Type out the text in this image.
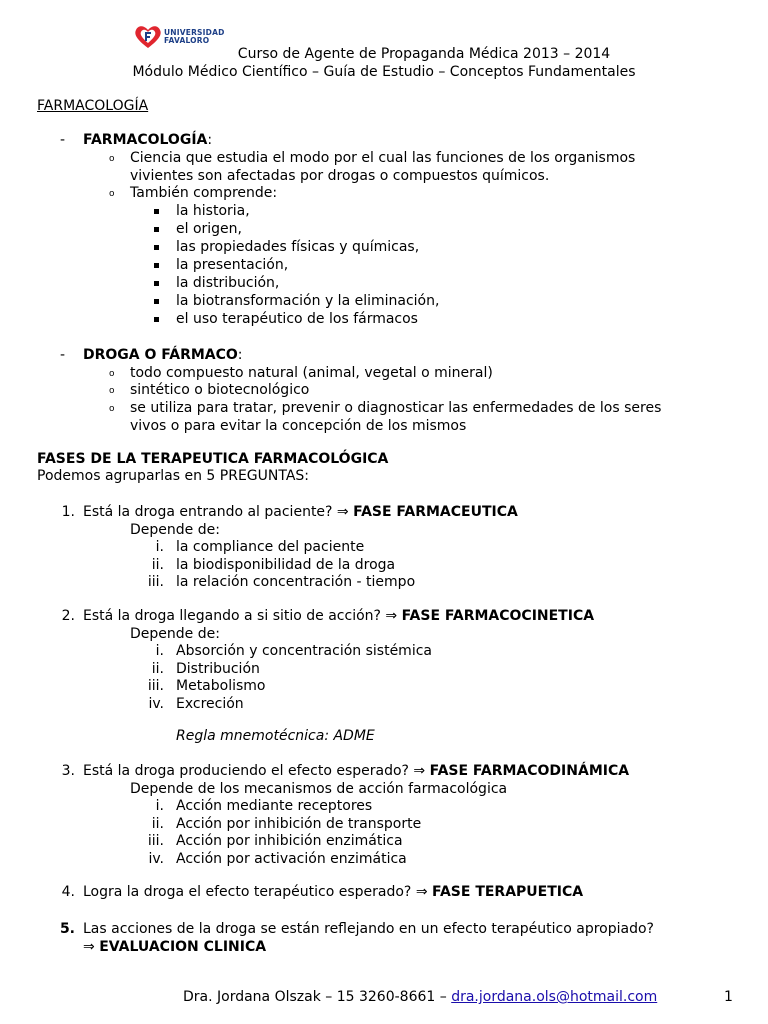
UNIVERSIDAD
FAVALORO
Curso de Agente de Propaganda Médica 2013 – 2014
Módulo Médico Científico – Guía de Estudio – Conceptos Fundamentales
FARMACOLOGÍA
- FARMACOLOGÍA:
o Ciencia que estudia el modo por el cual las funciones de los organismos
vivientes son afectadas por drogas o compuestos químicos.
o También comprende:
la historia,
el origen,
las propiedades físicas y químicas,
la presentación,
la distribución,
la biotransformación y la eliminación,
el uso terapéutico de los fármacos
- DROGA O FÁRMACO:
o todo compuesto natural (animal, vegetal o mineral)
o sintético o biotecnológico
o se utiliza para tratar, prevenir o diagnosticar las enfermedades de los seres
vivos o para evitar la concepción de los mismos
FASES DE LA TERAPEUTICA FARMACOLÓGICA
Podemos agruparlas en 5 PREGUNTAS:
1. Está la droga entrando al paciente? ⇒ FASE FARMACEUTICA
Depende de:
i. la compliance del paciente
ii. la biodisponibilidad de la droga
iii. la relación concentración - tiempo
2. Está la droga llegando a si sitio de acción? ⇒ FASE FARMACOCINETICA
Depende de:
i. Absorción y concentración sistémica
ii. Distribución
iii. Metabolismo
iv. Excreción
Regla mnemotécnica: ADME
3. Está la droga produciendo el efecto esperado? ⇒ FASE FARMACODINÁMICA
Depende de los mecanismos de acción farmacológica
i. Acción mediante receptores
ii. Acción por inhibición de transporte
iii. Acción por inhibición enzimática
iv. Acción por activación enzimática
4. Logra la droga el efecto terapéutico esperado? ⇒ FASE TERAPUETICA
5. Las acciones de la droga se están reflejando en un efecto terapéutico apropiado?
⇒ EVALUACION CLINICA
Dra. Jordana Olszak – 15 3260-8661 – dra.jordana.ols@hotmail.com	1
